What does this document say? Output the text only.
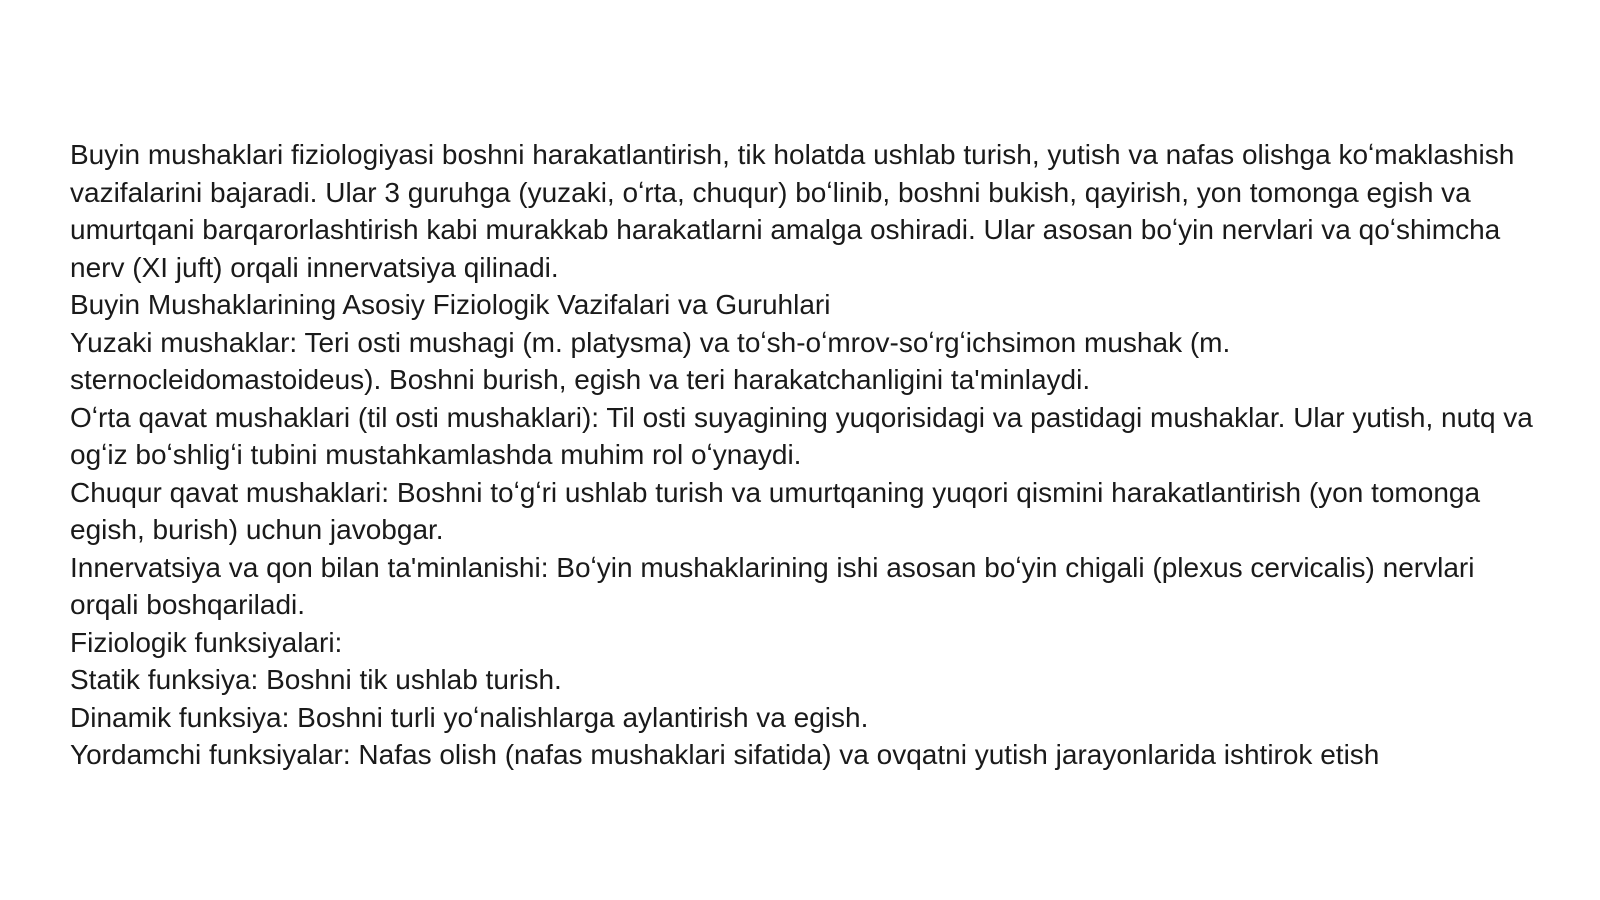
Buyin mushaklari fiziologiyasi boshni harakatlantirish, tik holatda ushlab turish, yutish va nafas olishga koʻmaklashish vazifalarini bajaradi. Ular 3 guruhga (yuzaki, oʻrta, chuqur) boʻlinib, boshni bukish, qayirish, yon tomonga egish va umurtqani barqarorlashtirish kabi murakkab harakatlarni amalga oshiradi. Ular asosan boʻyin nervlari va qoʻshimcha nerv (XI juft) orqali innervatsiya qilinadi.

Buyin Mushaklarining Asosiy Fiziologik Vazifalari va Guruhlari

Yuzaki mushaklar: Teri osti mushagi (m. platysma) va toʻsh-oʻmrov-soʻrgʻichsimon mushak (m. sternocleidomastoideus). Boshni burish, egish va teri harakatchanligini ta'minlaydi.

Oʻrta qavat mushaklari (til osti mushaklari): Til osti suyagining yuqorisidagi va pastidagi mushaklar. Ular yutish, nutq va ogʻiz boʻshligʻi tubini mustahkamlashda muhim rol oʻynaydi.

Chuqur qavat mushaklari: Boshni toʻgʻri ushlab turish va umurtqaning yuqori qismini harakatlantirish (yon tomonga egish, burish) uchun javobgar.

Innervatsiya va qon bilan ta'minlanishi: Boʻyin mushaklarining ishi asosan boʻyin chigali (plexus cervicalis) nervlari orqali boshqariladi.

Fiziologik funksiyalari:

Statik funksiya: Boshni tik ushlab turish.

Dinamik funksiya: Boshni turli yoʻnalishlarga aylantirish va egish.

Yordamchi funksiyalar: Nafas olish (nafas mushaklari sifatida) va ovqatni yutish jarayonlarida ishtirok etish
